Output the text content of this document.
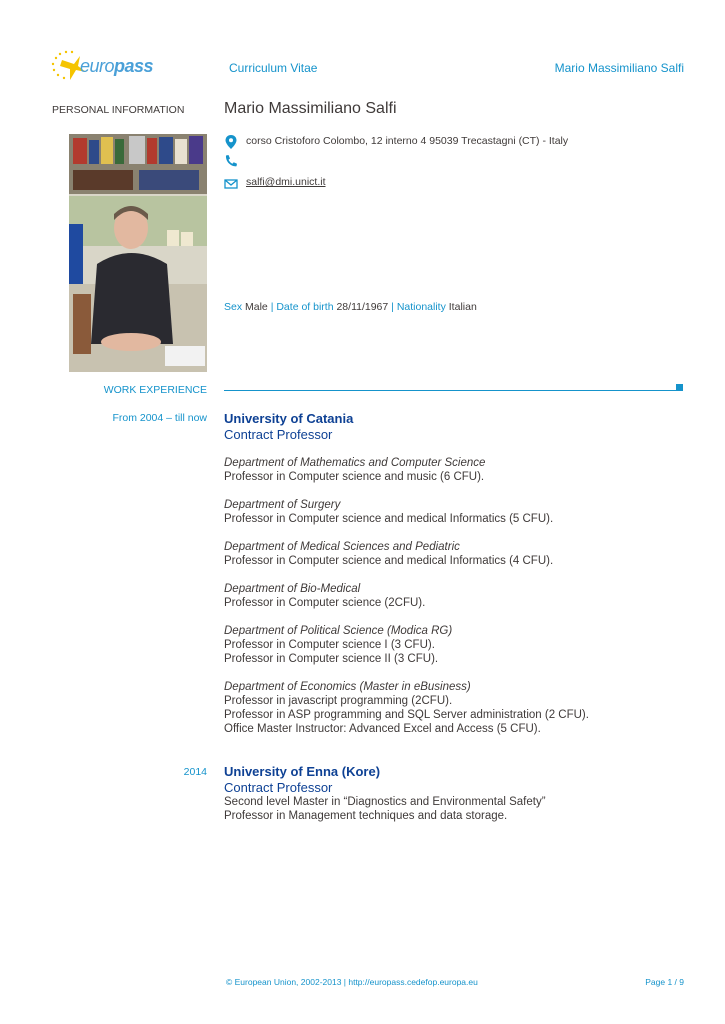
europass	Curriculum Vitae	Mario Massimiliano Salfi
PERSONAL INFORMATION Mario Massimiliano Salfi
corso Cristoforo Colombo, 12 interno 4 95039 Trecastagni (CT) - Italy
salfi@dmi.unict.it
Sex Male | Date of birth 28/11/1967 | Nationality Italian
WORK EXPERIENCE
From 2004 – till now University of Catania
Contract Professor
Department of Mathematics and Computer Science
Professor in Computer science and music (6 CFU).
Department of Surgery
Professor in Computer science and medical Informatics (5 CFU).
Department of Medical Sciences and Pediatric
Professor in Computer science and medical Informatics (4 CFU).
Department of Bio-Medical
Professor in Computer science (2CFU).
Department of Political Science (Modica RG)
Professor in Computer science I (3 CFU).
Professor in Computer science II (3 CFU).
Department of Economics (Master in eBusiness)
Professor in javascript programming (2CFU).
Professor in ASP programming and SQL Server administration (2 CFU).
Office Master Instructor: Advanced Excel and Access (5 CFU).
2014 University of Enna (Kore)
Contract Professor
Second level Master in “Diagnostics and Environmental Safety”
Professor in Management techniques and data storage.
© European Union, 2002-2013 | http://europass.cedefop.europa.eu	Page 1 / 9
